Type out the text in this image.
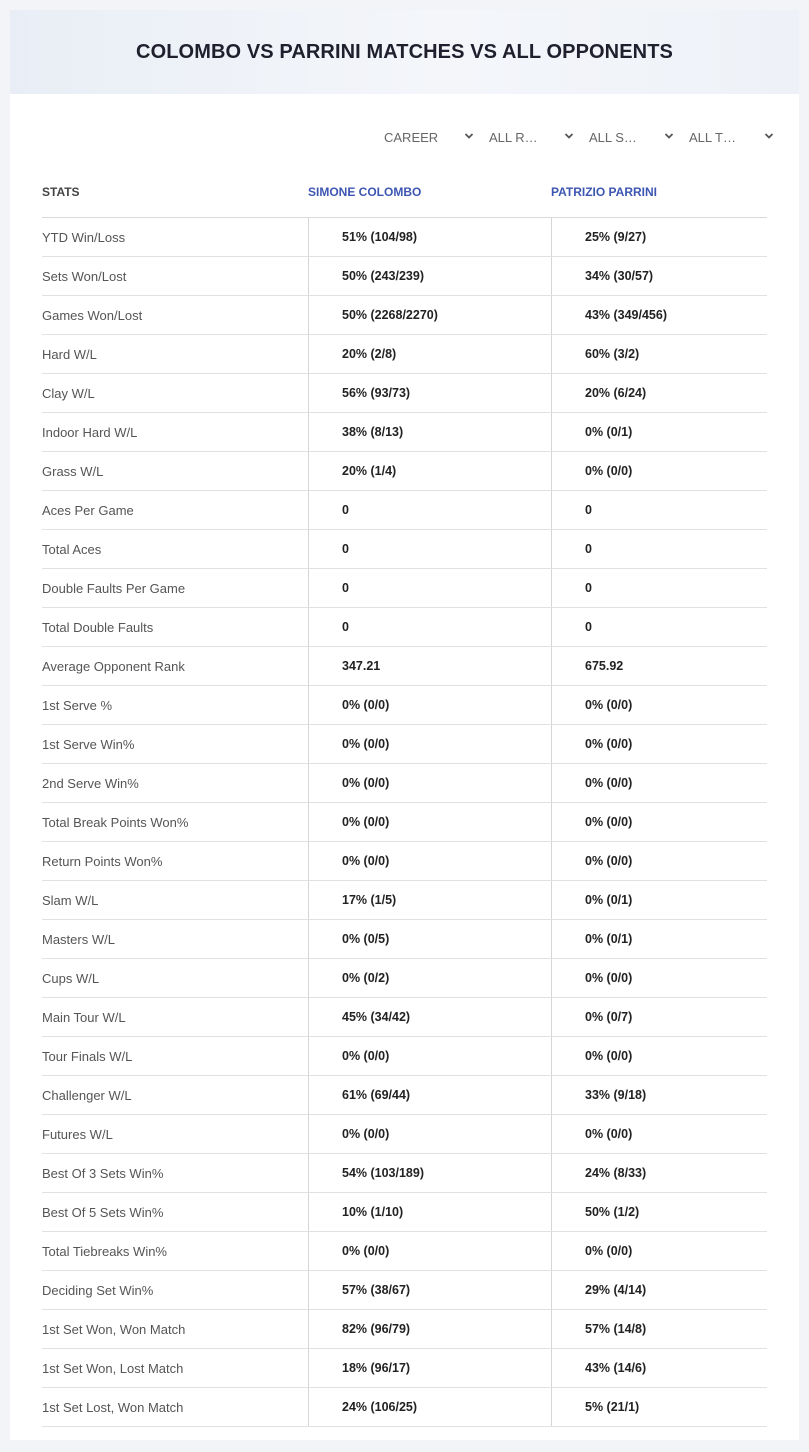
COLOMBO VS PARRINI MATCHES VS ALL OPPONENTS
CAREER	ALL R…	ALL S…	ALL T…
STATS	SIMONE COLOMBO	PATRIZIO PARRINI
YTD Win/Loss	51% (104/98)	25% (9/27)
Sets Won/Lost	50% (243/239)	34% (30/57)
Games Won/Lost	50% (2268/2270)	43% (349/456)
Hard W/L	20% (2/8)	60% (3/2)
Clay W/L	56% (93/73)	20% (6/24)
Indoor Hard W/L	38% (8/13)	0% (0/1)
Grass W/L	20% (1/4)	0% (0/0)
Aces Per Game	0	0
Total Aces	0	0
Double Faults Per Game	0	0
Total Double Faults	0	0
Average Opponent Rank	347.21	675.92
1st Serve %	0% (0/0)	0% (0/0)
1st Serve Win%	0% (0/0)	0% (0/0)
2nd Serve Win%	0% (0/0)	0% (0/0)
Total Break Points Won%	0% (0/0)	0% (0/0)
Return Points Won%	0% (0/0)	0% (0/0)
Slam W/L	17% (1/5)	0% (0/1)
Masters W/L	0% (0/5)	0% (0/1)
Cups W/L	0% (0/2)	0% (0/0)
Main Tour W/L	45% (34/42)	0% (0/7)
Tour Finals W/L	0% (0/0)	0% (0/0)
Challenger W/L	61% (69/44)	33% (9/18)
Futures W/L	0% (0/0)	0% (0/0)
Best Of 3 Sets Win%	54% (103/189)	24% (8/33)
Best Of 5 Sets Win%	10% (1/10)	50% (1/2)
Total Tiebreaks Win%	0% (0/0)	0% (0/0)
Deciding Set Win%	57% (38/67)	29% (4/14)
1st Set Won, Won Match	82% (96/79)	57% (14/8)
1st Set Won, Lost Match	18% (96/17)	43% (14/6)
1st Set Lost, Won Match	24% (106/25)	5% (21/1)
